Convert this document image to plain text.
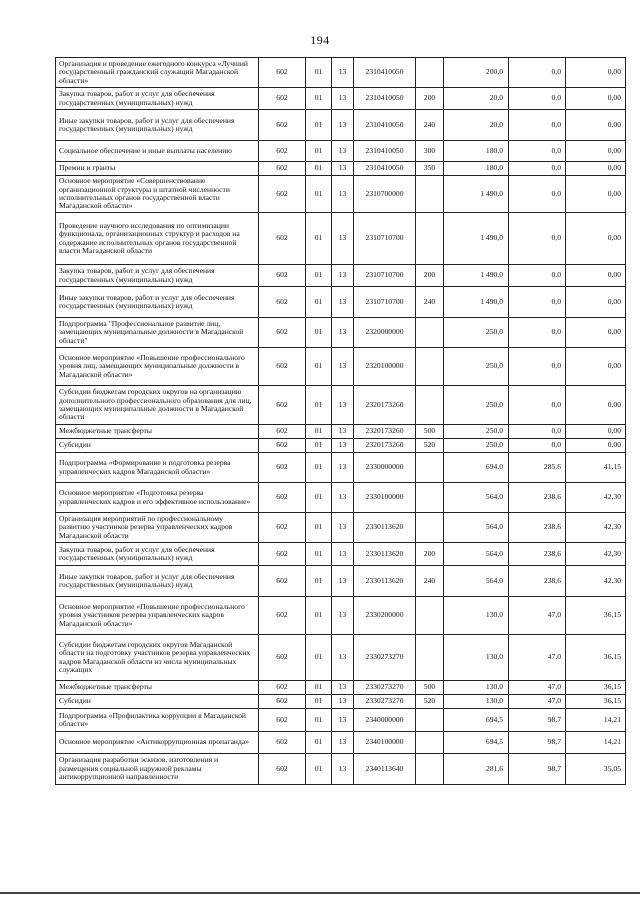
194
Организация и проведение ежегодного конкурса «Лучший государственный гражданский служащий Магаданской области»	602	01	13	2310410050		200,0	0,0	0,00
Закупка товаров, работ и услуг для обеспечения государственных (муниципальных) нужд	602	01	13	2310410050	200	20,0	0,0	0,00
Иные закупки товаров, работ и услуг для обеспечения государственных (муниципальных) нужд	602	01	13	2310410050	240	20,0	0,0	0,00
Социальное обеспечение и иные выплаты населению	602	01	13	2310410050	300	180,0	0,0	0,00
Премии и гранты	602	01	13	2310410050	350	180,0	0,0	0,00
Основное мероприятие «Совершенствование организационной структуры и штатной численности исполнительных органов государственной власти Магаданской области»	602	01	13	2310700000		1 490,0	0,0	0,00
Проведение научного исследования по оптимизации функционала, организационных структур и расходов на содержание исполнительных органов государственной власти Магаданской области	602	01	13	2310710700		1 490,0	0,0	0,00
Закупка товаров, работ и услуг для обеспечения государственных (муниципальных) нужд	602	01	13	2310710700	200	1 490,0	0,0	0,00
Иные закупки товаров, работ и услуг для обеспечения государственных (муниципальных) нужд	602	01	13	2310710700	240	1 490,0	0,0	0,00
Подпрограмма "Профессиональное развитие лиц, замещающих муниципальные должности в Магаданской области"	602	01	13	2320000000		250,0	0,0	0,00
Основное мероприятие «Повышение профессионального уровня лиц, замещающих муниципальные должности в Магаданской области»	602	01	13	2320100000		250,0	0,0	0,00
Субсидии бюджетам городских округов на организацию дополнительного профессионального образования для лиц, замещающих муниципальные должности в Магаданской области	602	01	13	2320173260		250,0	0,0	0,00
Межбюджетные трансферты	602	01	13	2320173260	500	250,0	0,0	0,00
Субсидии	602	01	13	2320173260	520	250,0	0,0	0,00
Подпрограмма «Формирование и подготовка резерва управленческих кадров Магаданской области»	602	01	13	2330000000		694,0	285,6	41,15
Основное мероприятие «Подготовка резерва управленческих кадров и его эффективное использование»	602	01	13	2330100000		564,0	238,6	42,30
Организация мероприятий по профессиональному развитию участников резерва управленческих кадров Магаданской области	602	01	13	2330113620		564,0	238,6	42,30
Закупка товаров, работ и услуг для обеспечения государственных (муниципальных) нужд	602	01	13	2330113620	200	564,0	238,6	42,30
Иные закупки товаров, работ и услуг для обеспечения государственных (муниципальных) нужд	602	01	13	2330113620	240	564,0	238,6	42,30
Основное мероприятие «Повышение профессионального уровня участников резерва управленческих кадров Магаданской области»	602	01	13	2330200000		130,0	47,0	36,15
Субсидии бюджетам городских округов Магаданской области на подготовку участников резерва управленческих кадров Магаданской области из числа муниципальных служащих	602	01	13	2330273270		130,0	47,0	36,15
Межбюджетные трансферты	602	01	13	2330273270	500	130,0	47,0	36,15
Субсидии	602	01	13	2330273270	520	130,0	47,0	36,15
Подпрограмма «Профилактика коррупции в Магаданской области»	602	01	13	2340000000		694,5	98,7	14,21
Основное мероприятие «Антикоррупционная пропаганда»	602	01	13	2340100000		694,5	98,7	14,21
Организация разработки эскизов, изготовления и размещения социальной наружной рекламы антикоррупционной направленности	602	01	13	2340113640		281,6	98,7	35,05
